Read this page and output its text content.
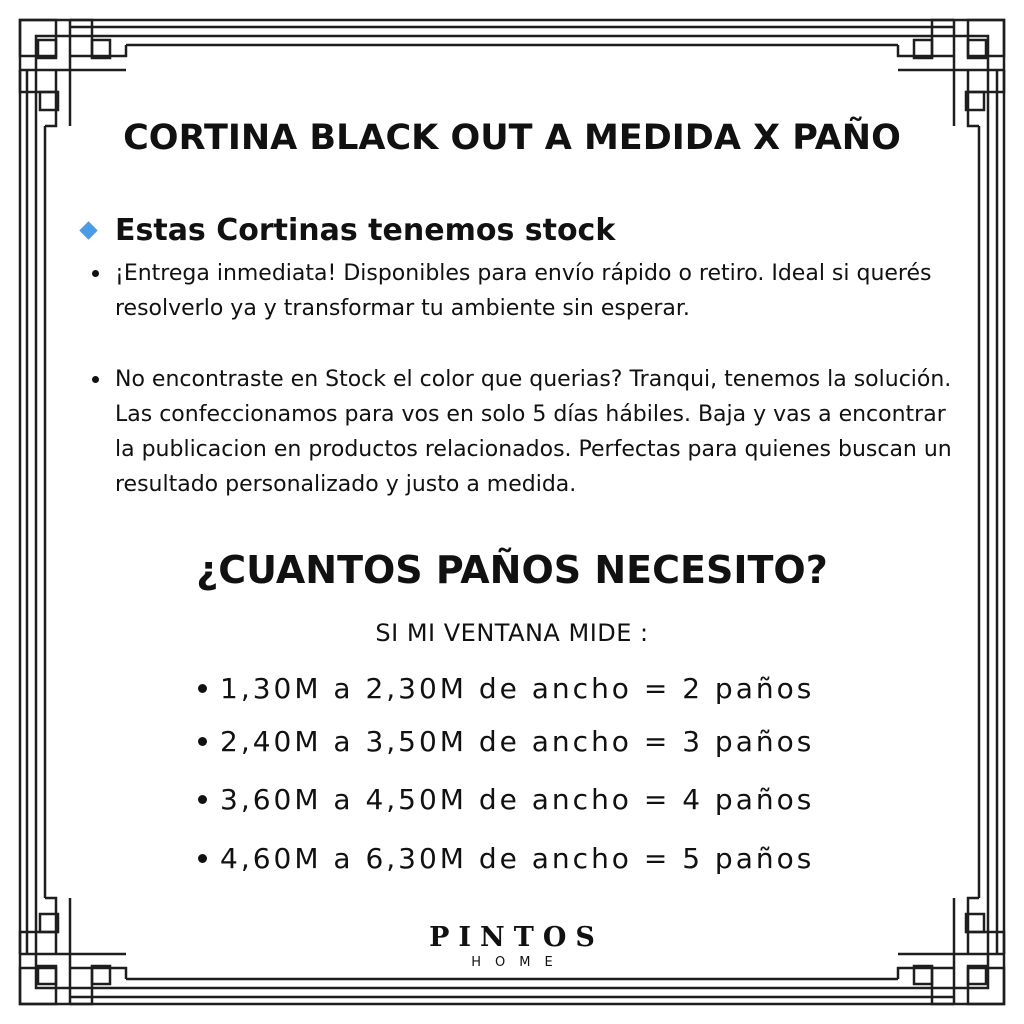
CORTINA BLACK OUT A MEDIDA X PAÑO
Estas Cortinas tenemos stock
¡Entrega inmediata! Disponibles para envío rápido o retiro. Ideal si querés resolverlo ya y transformar tu ambiente sin esperar.
No encontraste en Stock el color que querias? Tranqui, tenemos la solución. Las confeccionamos para vos en solo 5 días hábiles. Baja y vas a encontrar la publicacion en productos relacionados. Perfectas para quienes buscan un resultado personalizado y justo a medida.
¿CUANTOS PAÑOS NECESITO?
SI MI VENTANA MIDE :
1,30M a 2,30M de ancho = 2 paños
2,40M a 3,50M de ancho = 3 paños
3,60M a 4,50M de ancho = 4 paños
4,60M a 6,30M de ancho = 5 paños
PINTOS
HOME
